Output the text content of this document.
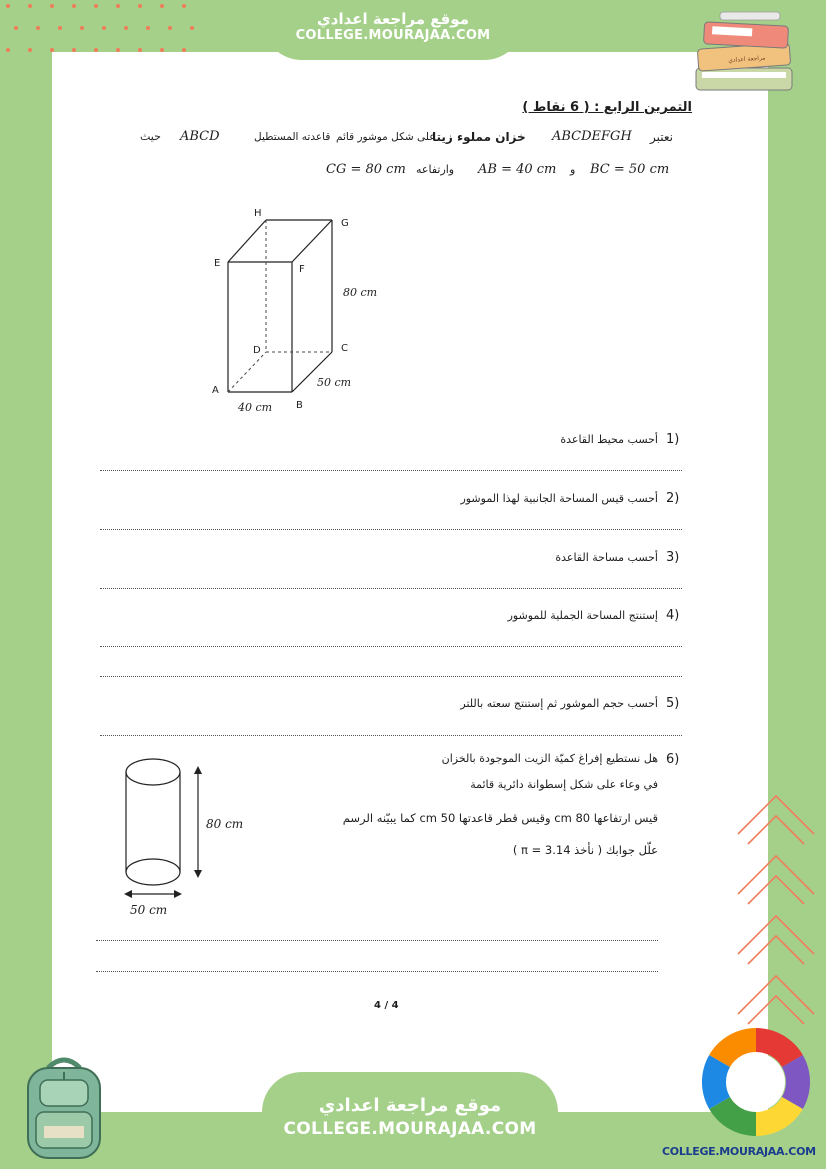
موقع مراجعة اعدادي
COLLEGE.MOURAJAA.COM
مراجعة اعدادي
التمرين الرابع : ( 6 نقاط )
نعتبر
ABCDEFGH
خزان مملوء زيتا
على شكل موشور قائم
قاعدته المستطيل
ABCD
حيث
BC = 50 cm
و
AB = 40 cm
وارتفاعه
CG = 80 cm
H
G
E
F
D	C
A
B
80 cm
50 cm
40 cm
1)
أحسب محيط القاعدة
2)
أحسب قيس المساحة الجانبية لهذا الموشور
3)
أحسب مساحة القاعدة
4)
إستنتج المساحة الجملية للموشور
5)
أحسب حجم الموشور ثم إستنتج سعته باللتر
6)
هل نستطيع إفراغ كميّة الزيت الموجودة بالخزان
في وعاء على شكل إسطوانة دائرية قائمة
قيس ارتفاعها 80 cm وقيس قطر قاعدتها 50 cm كما يبيّنه الرسم
علّل جوابك ( نأخذ π = 3.14 )
80 cm
50 cm
4 / 4
COLLEGE.MOURAJAA.COM
موقع مراجعة اعدادي
COLLEGE.MOURAJAA.COM
